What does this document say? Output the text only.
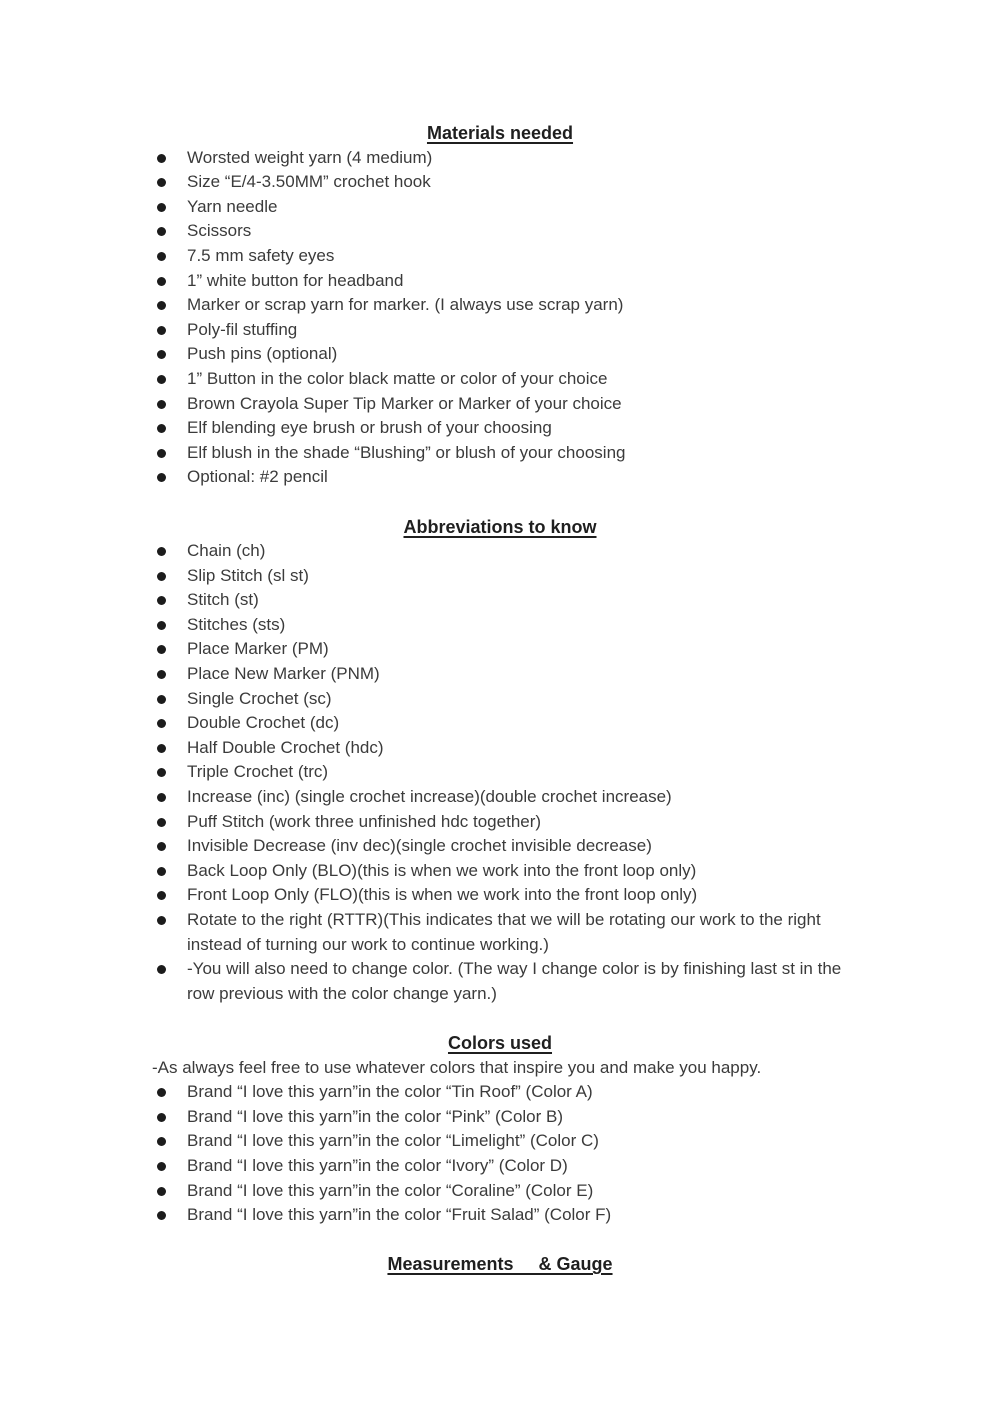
Materials needed
Worsted weight yarn (4 medium)
Size “E/4-3.50MM” crochet hook
Yarn needle
Scissors
7.5 mm safety eyes
1” white button for headband
Marker or scrap yarn for marker. (I always use scrap yarn)
Poly-fil stuffing
Push pins (optional)
1” Button in the color black matte or color of your choice
Brown Crayola Super Tip Marker or Marker of your choice
Elf blending eye brush or brush of your choosing
Elf blush in the shade “Blushing” or blush of your choosing
Optional: #2 pencil
Abbreviations to know
Chain (ch)
Slip Stitch (sl st)
Stitch (st)
Stitches (sts)
Place Marker (PM)
Place New Marker (PNM)
Single Crochet (sc)
Double Crochet (dc)
Half Double Crochet (hdc)
Triple Crochet (trc)
Increase (inc) (single crochet increase)(double crochet increase)
Puff Stitch (work three unfinished hdc together)
Invisible Decrease (inv dec)(single crochet invisible decrease)
Back Loop Only (BLO)(this is when we work into the front loop only)
Front Loop Only (FLO)(this is when we work into the front loop only)
Rotate to the right (RTTR)(This indicates that we will be rotating our work to the right instead of turning our work to continue working.)
-You will also need to change color. (The way I change color is by finishing last st in the row previous with the color change yarn.)
Colors used

-As always feel free to use whatever colors that inspire you and make you happy.

Brand “I love this yarn”in the color “Tin Roof” (Color A)
Brand “I love this yarn”in the color “Pink” (Color B)
Brand “I love this yarn”in the color “Limelight” (Color C)
Brand “I love this yarn”in the color “Ivory” (Color D)
Brand “I love this yarn”in the color “Coraline” (Color E)
Brand “I love this yarn”in the color “Fruit Salad” (Color F)
Measurements     & Gauge
